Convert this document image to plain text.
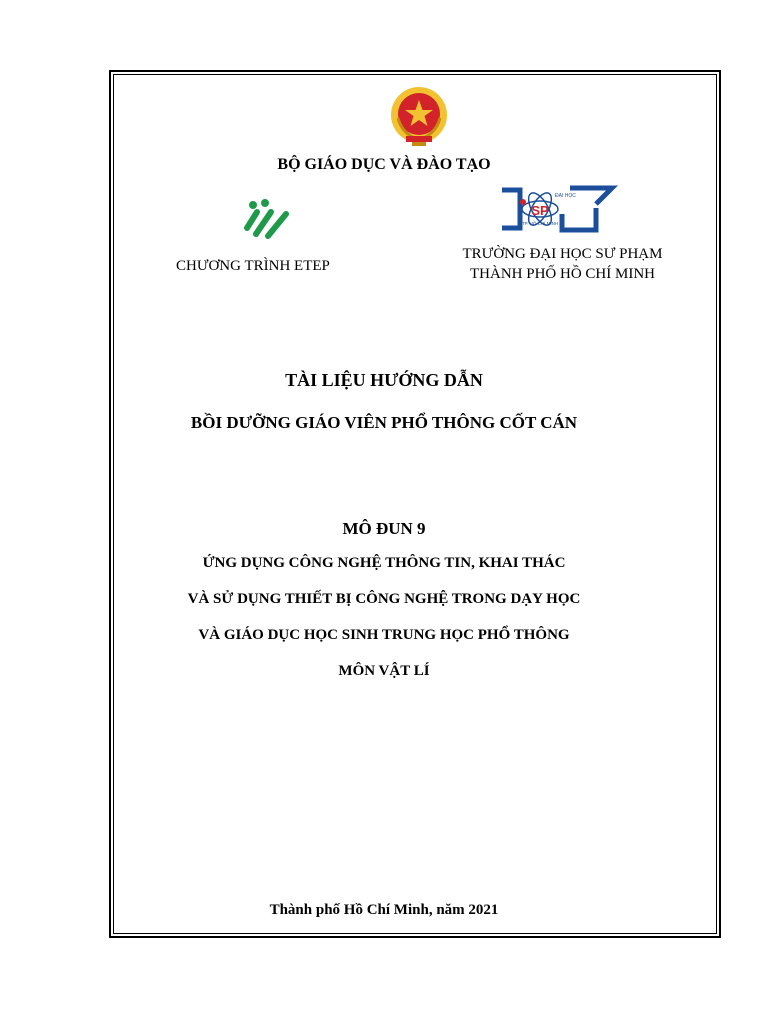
BỘ GIÁO DỤC VÀ ĐÀO TẠO
CHƯƠNG TRÌNH ETEP
ĐẠI HỌC
SP
TP. HỒ CHÍ MINH
TRƯỜNG ĐẠI HỌC SƯ PHẠM
THÀNH PHỐ HỒ CHÍ MINH
TÀI LIỆU HƯỚNG DẪN
BỒI DƯỠNG GIÁO VIÊN PHỔ THÔNG CỐT CÁN
MÔ ĐUN 9
ỨNG DỤNG CÔNG NGHỆ THÔNG TIN, KHAI THÁC
VÀ SỬ DỤNG THIẾT BỊ CÔNG NGHỆ TRONG DẠY HỌC
VÀ GIÁO DỤC HỌC SINH TRUNG HỌC PHỔ THÔNG
MÔN VẬT LÍ
Thành phố Hồ Chí Minh, năm 2021
